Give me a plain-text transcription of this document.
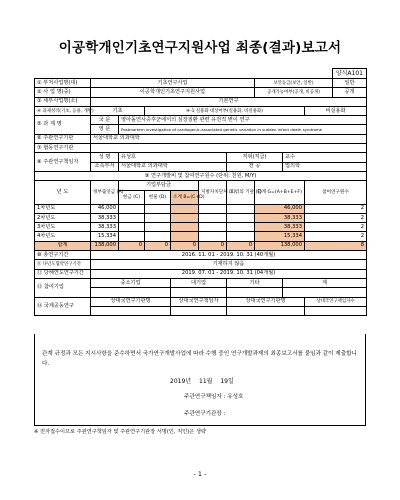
이공학개인기초연구지원사업 최종(결과)보고서
양식A101
① 부처사업명(대)	기초연구사업						보안등급(보안, 일반)			일반
② 사 업 명(중)	이공학개인기초연구지원사업						공개가능여부(공개, 비공개)			공개
③ 세부사업명(소)	기본연구									
④ 과제성격(기초, 응용, 개발)	기초		④-1 실용화 대상여부(실용화, 비실용화)						비실용화	
⑤ 과 제 명	국 문	영아돌연사증후군에서의 심장질환 관련 유전적 변이 연구								
	영 문	Postmortem investigation of cardiogenic-associated genetic variation in sudden infant death syndrome								
⑥ 주관연구기관	서울대학교 의과대학									
⑦ 협동연구기관										
⑧ 주관연구책임자	성 명	유성호				직위(직급)		교수		
	소속부서	서울대학교 의과대학				전 공		법의학		
⑨ 연구개발비 및 참여연구원수 (단위: 천원, M/Y)										
년 도	정부출연금 (A)	기업부담금			지방자치단체 (E)	그 밖의 기관 (F)	합계 G=(A+B+E+F)		참여연구원수	
		현금 (C)	현물 (D)	소계 B=(C+D)						
1차년도	46,000						46,000		2	
2차년도	38,333						38,333		2	
3차년도	38,333						38,333		2	
4차년도	15,334						15,334		2	
합계	138,000	0	0	0	0	0	138,000		8	
⑩ 총연구기간	2016. 11. 01 - 2019. 10. 31 (40개월)									
⑪ 다년도협약연구기간	기재하지 않음									
⑫ 당해연도연구기간	2019. 07. 01 - 2019. 10. 31 (04개월)									
⑬ 참여기업	중소기업			대기업		기타		계		

⑭ 국제공동연구	상대국연구기관명			상대국연구책임자		상대국연구기관명			상대국연구책임자수	

관계 규정과 모든 지시사항을 준수하면서 국가연구개발사업에 따라 수행 중인 연구개발과제의 최종보고서를 붙임과 같이 제출합니다.
2019년 11월 19일
주관연구책임자 : 유성호
주관연구기관장 :
※ 전자접수이므로 주관연구책임자 및 주관연구기관장 서명(인, 직인)은 생략
- 1 -
